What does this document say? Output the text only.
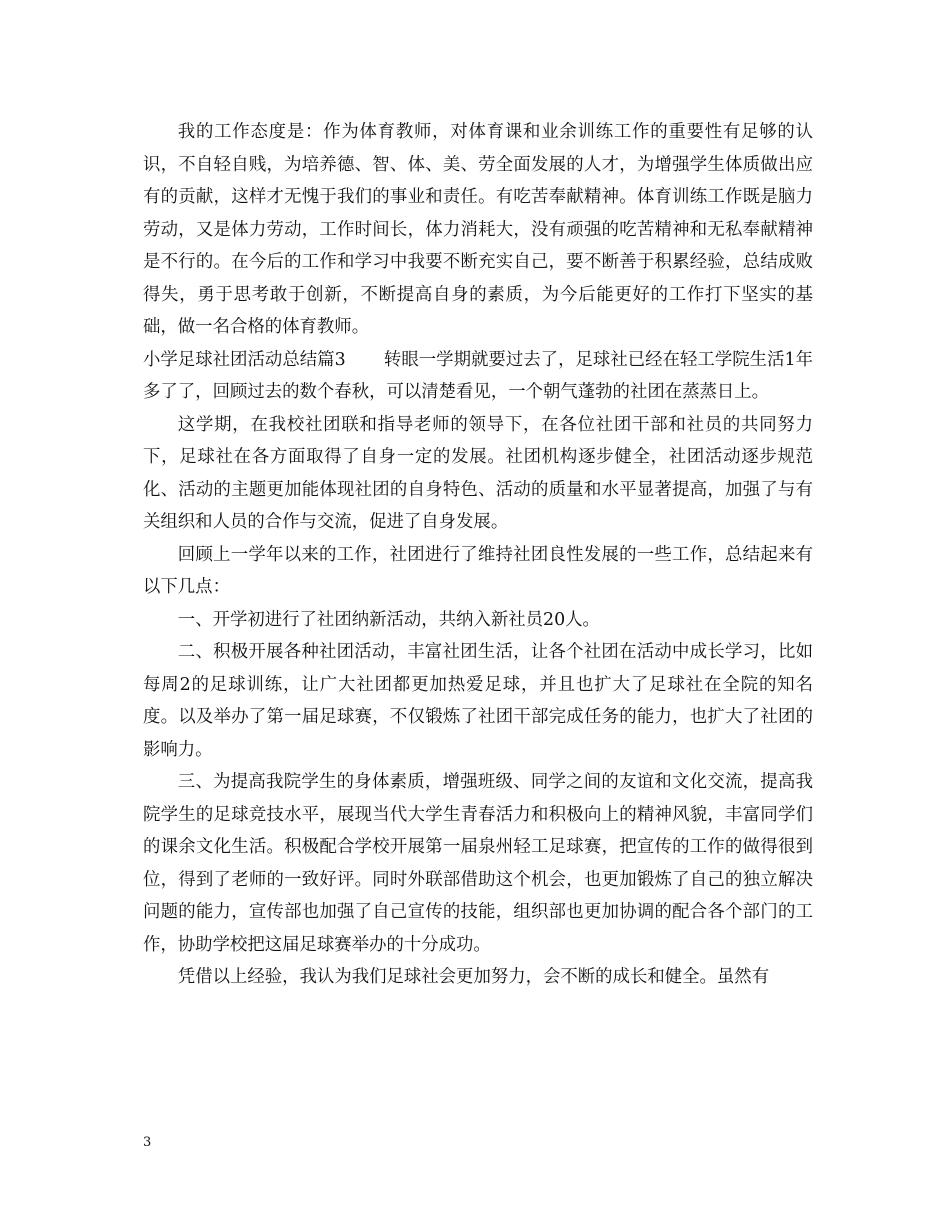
我的工作态度是：作为体育教师，对体育课和业余训练工作的重要性有足够的认识，不自轻自贱，为培养德、智、体、美、劳全面发展的人才，为增强学生体质做出应有的贡献，这样才无愧于我们的事业和责任。有吃苦奉献精神。体育训练工作既是脑力劳动，又是体力劳动，工作时间长，体力消耗大，没有顽强的吃苦精神和无私奉献精神是不行的。在今后的工作和学习中我要不断充实自己，要不断善于积累经验，总结成败得失，勇于思考敢于创新，不断提高自身的素质，为今后能更好的工作打下坚实的基础，做一名合格的体育教师。

小学足球社团活动总结篇3 转眼一学期就要过去了，足球社已经在轻工学院生活1年多了了，回顾过去的数个春秋，可以清楚看见，一个朝气蓬勃的社团在蒸蒸日上。

这学期，在我校社团联和指导老师的领导下，在各位社团干部和社员的共同努力下，足球社在各方面取得了自身一定的发展。社团机构逐步健全，社团活动逐步规范化、活动的主题更加能体现社团的自身特色、活动的质量和水平显著提高，加强了与有关组织和人员的合作与交流，促进了自身发展。

回顾上一学年以来的工作，社团进行了维持社团良性发展的一些工作，总结起来有以下几点：

一、开学初进行了社团纳新活动，共纳入新社员20人。

二、积极开展各种社团活动，丰富社团生活，让各个社团在活动中成长学习，比如每周2的足球训练，让广大社团都更加热爱足球，并且也扩大了足球社在全院的知名度。以及举办了第一届足球赛，不仅锻炼了社团干部完成任务的能力，也扩大了社团的影响力。

三、为提高我院学生的身体素质，增强班级、同学之间的友谊和文化交流，提高我院学生的足球竞技水平，展现当代大学生青春活力和积极向上的精神风貌，丰富同学们的课余文化生活。积极配合学校开展第一届泉州轻工足球赛，把宣传的工作的做得很到位，得到了老师的一致好评。同时外联部借助这个机会，也更加锻炼了自己的独立解决问题的能力，宣传部也加强了自己宣传的技能，组织部也更加协调的配合各个部门的工作，协助学校把这届足球赛举办的十分成功。

凭借以上经验，我认为我们足球社会更加努力，会不断的成长和健全。虽然有

3
